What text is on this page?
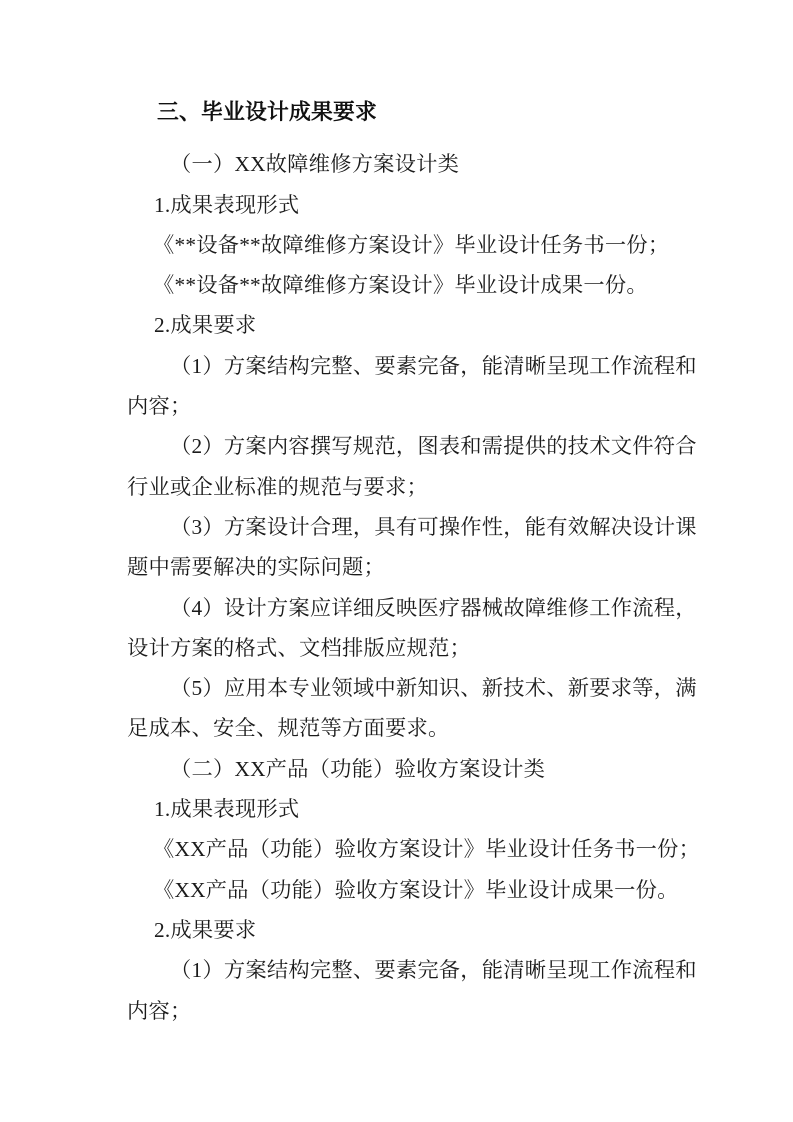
三、毕业设计成果要求
（一）XX故障维修方案设计类
1.成果表现形式
《**设备**故障维修方案设计》毕业设计任务书一份；
《**设备**故障维修方案设计》毕业设计成果一份。
2.成果要求
（1）方案结构完整、要素完备，能清晰呈现工作流程和
内容；
（2）方案内容撰写规范，图表和需提供的技术文件符合
行业或企业标准的规范与要求；
（3）方案设计合理，具有可操作性，能有效解决设计课
题中需要解决的实际问题；
（4）设计方案应详细反映医疗器械故障维修工作流程，
设计方案的格式、文档排版应规范；
（5）应用本专业领域中新知识、新技术、新要求等，满
足成本、安全、规范等方面要求。
（二）XX产品（功能）验收方案设计类
1.成果表现形式
《XX产品（功能）验收方案设计》毕业设计任务书一份；
《XX产品（功能）验收方案设计》毕业设计成果一份。
2.成果要求
（1）方案结构完整、要素完备，能清晰呈现工作流程和
内容；
